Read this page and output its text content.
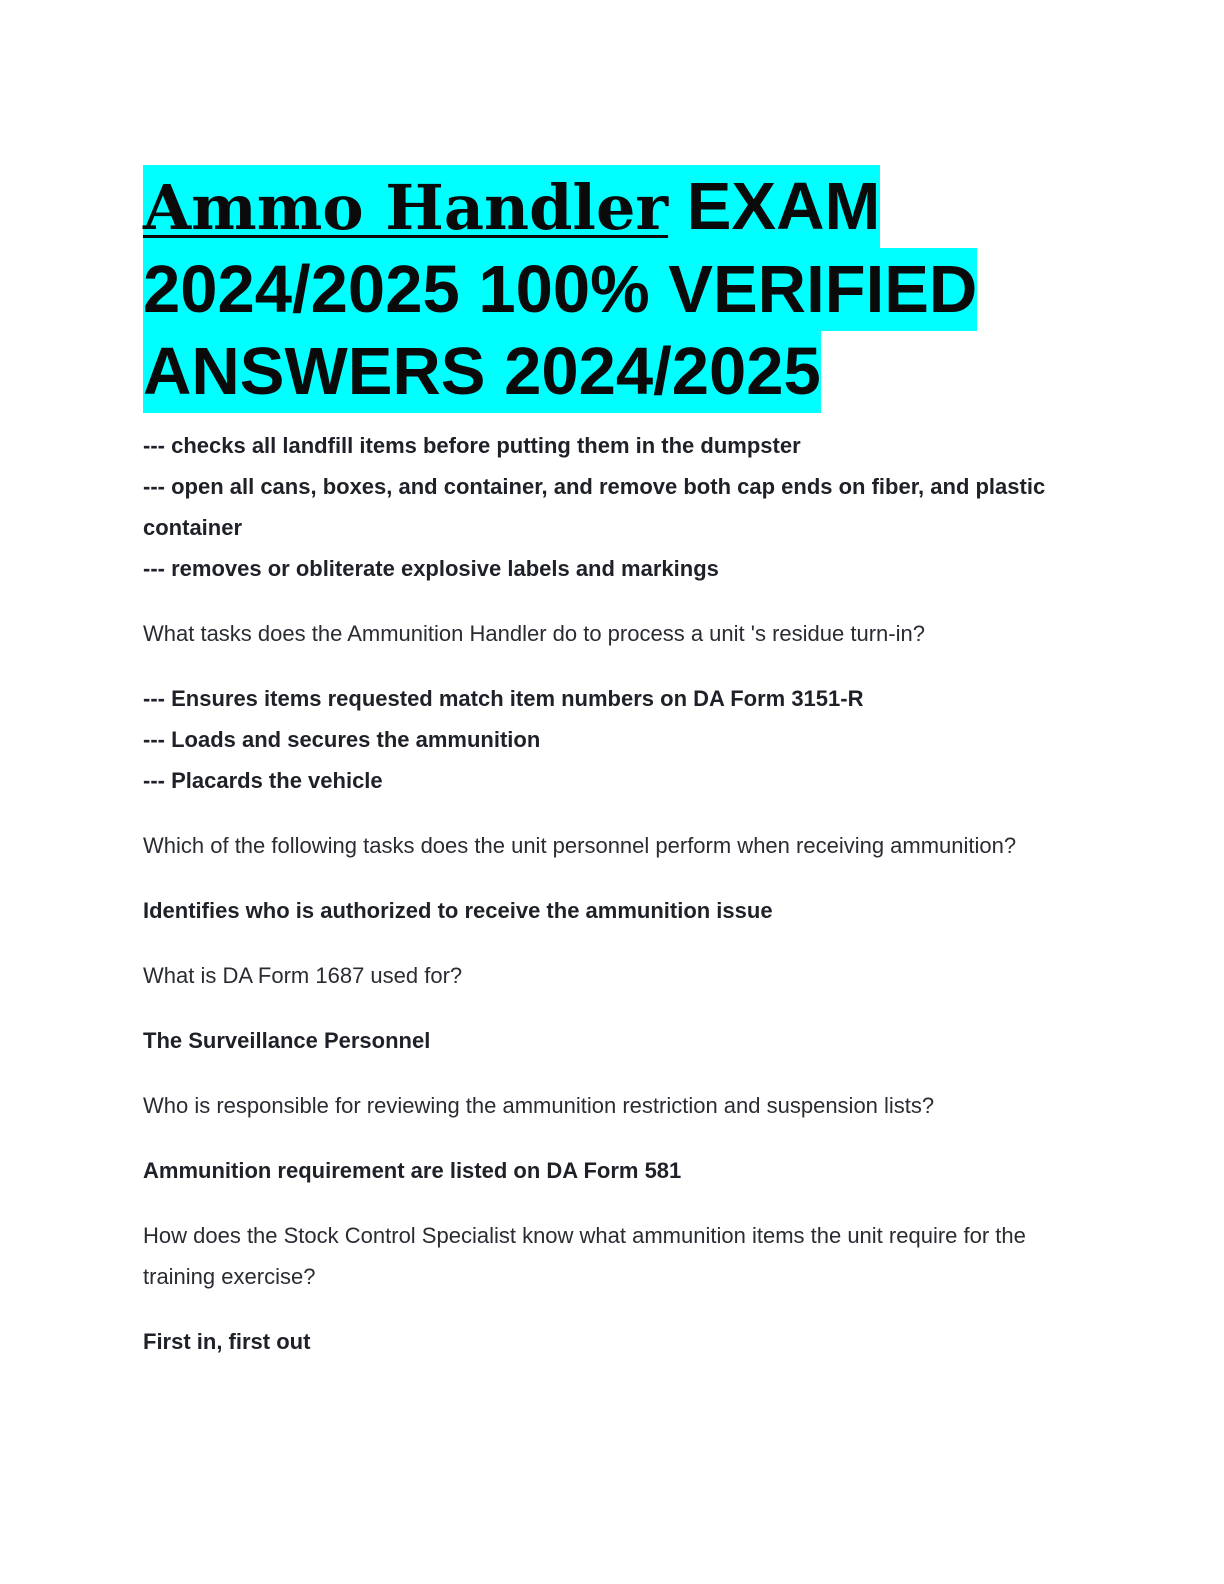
Ammo Handler EXAM 2024/2025 100% VERIFIED ANSWERS 2024/2025
--- checks all landfill items before putting them in the dumpster
--- open all cans, boxes, and container, and remove both cap ends on fiber, and plastic container
--- removes or obliterate explosive labels and markings

What tasks does the Ammunition Handler do to process a unit 's residue turn-in?

--- Ensures items requested match item numbers on DA Form 3151-R
--- Loads and secures the ammunition
--- Placards the vehicle

Which of the following tasks does the unit personnel perform when receiving ammunition?

Identifies who is authorized to receive the ammunition issue

What is DA Form 1687 used for?

The Surveillance Personnel

Who is responsible for reviewing the ammunition restriction and suspension lists?

Ammunition requirement are listed on DA Form 581

How does the Stock Control Specialist know what ammunition items the unit require for the training exercise?

First in, first out
